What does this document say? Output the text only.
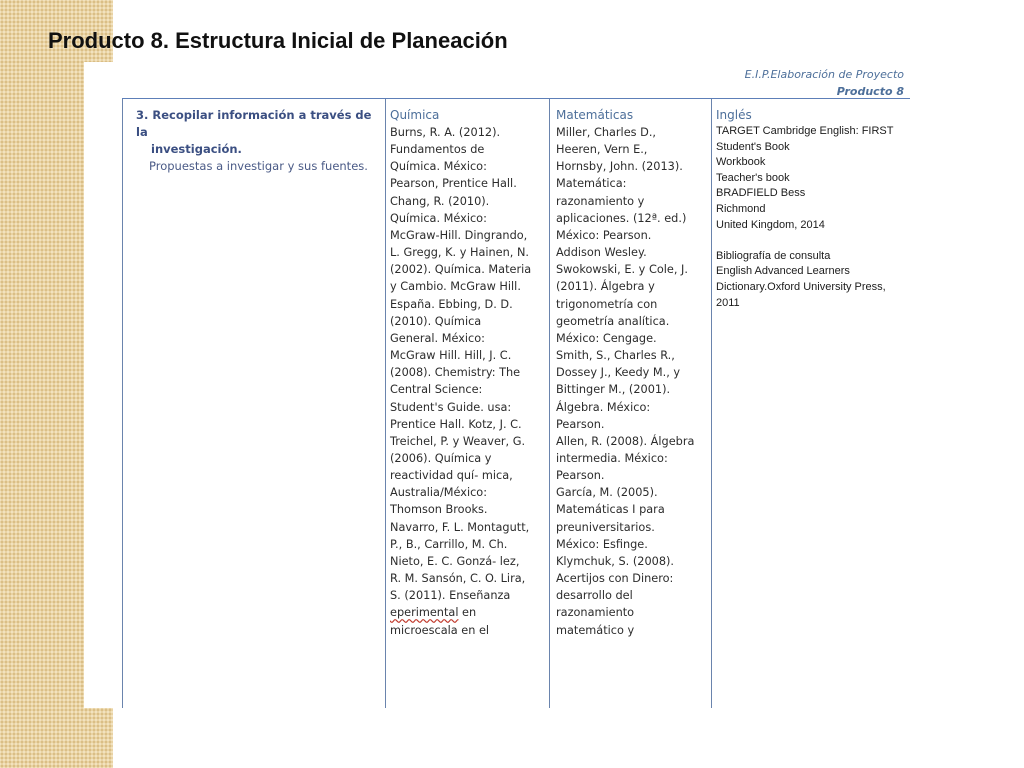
Producto 8. Estructura Inicial de Planeación
E.I.P.Elaboración de Proyecto
Producto 8

3. Recopilar información a través de la
investigación.

Propuestas a investigar y sus fuentes.

Química

Burns, R. A. (2012).
Fundamentos de
Química. México:
Pearson, Prentice Hall.
Chang, R. (2010).
Química. México:
McGraw-Hill. Dingrando,
L. Gregg, K. y Hainen, N.
(2002). Química. Materia
y Cambio. McGraw Hill.
España. Ebbing, D. D.
(2010). Química
General. México:
McGraw Hill. Hill, J. C.
(2008). Chemistry: The
Central Science:
Student's Guide. usa:
Prentice Hall. Kotz, J. C.
Treichel, P. y Weaver, G.
(2006). Química y
reactividad quí- mica,
Australia/México:
Thomson Brooks.
Navarro, F. L. Montagutt,
P., B., Carrillo, M. Ch.
Nieto, E. C. Gonzá- lez,
R. M. Sansón, C. O. Lira,
S. (2011). Enseñanza
eperimental en
microescala en el

Matemáticas

Miller, Charles D.,
Heeren, Vern E.,
Hornsby, John. (2013).
Matemática:
razonamiento y
aplicaciones. (12ª. ed.)
México: Pearson.
Addison Wesley.
Swokowski, E. y Cole, J.
(2011). Álgebra y
trigonometría con
geometría analítica.
México: Cengage.
Smith, S., Charles R.,
Dossey J., Keedy M., y
Bittinger M., (2001).
Álgebra. México:
Pearson.
Allen, R. (2008). Álgebra
intermedia. México:
Pearson.
García, M. (2005).
Matemáticas I para
preuniversitarios.
México: Esfinge.
Klymchuk, S. (2008).
Acertijos con Dinero:
desarrollo del
razonamiento
matemático y

Inglés

TARGET Cambridge English: FIRST
Student's Book
Workbook
Teacher's book
BRADFIELD Bess
Richmond
United Kingdom, 2014
Bibliografía de consulta
English Advanced Learners
Dictionary.Oxford University Press,
2011
